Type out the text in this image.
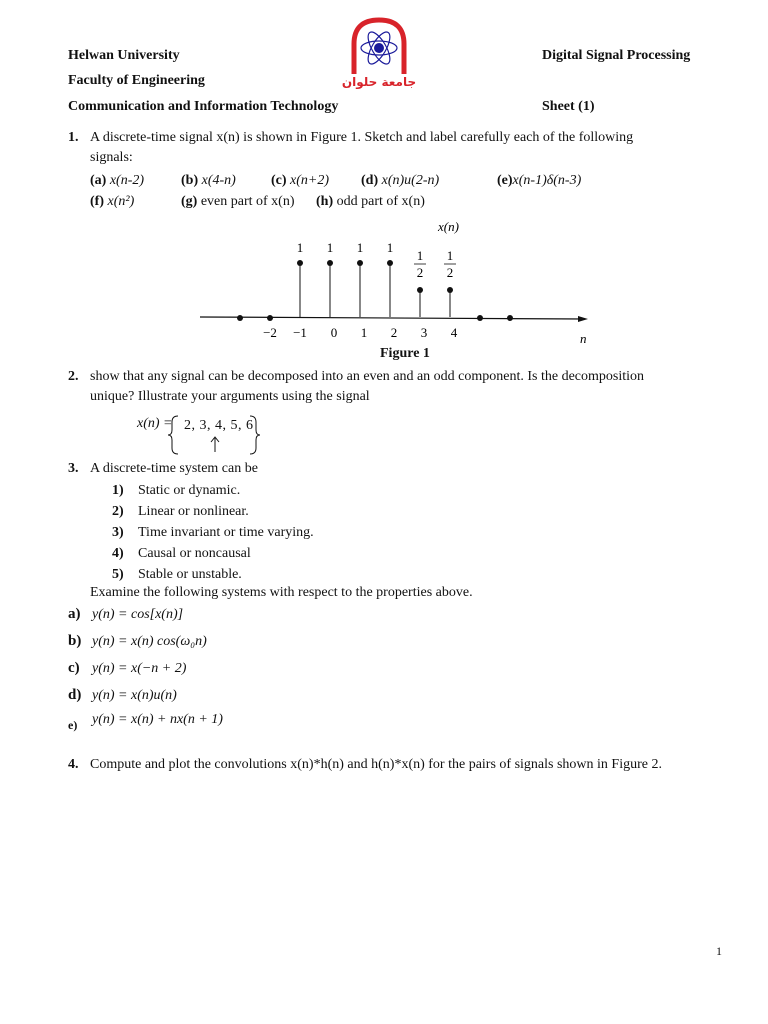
Helwan University
Faculty of Engineering
Communication and Information Technology
Digital Signal Processing
Sheet (1)
جامعة حلوان
1. A discrete-time signal x(n) is shown in Figure 1. Sketch and label carefully each of the following
signals:
(a) x(n-2)	(b) x(4-n)	(c) x(n+2) (d) x(n)u(2-n)	(e)x(n-1)δ(n-3)
(f) x(n²)	(g) even part of x(n) (h) odd part of x(n)
−2 −1 0 1 2 3 4
1 1 1 1
1
2
1
2
x(n)
n
Figure 1
2. show that any signal can be decomposed into an even and an odd component. Is the decomposition
unique? Illustrate your arguments using the signal
x(n) = 2, 3, 4, 5, 6
3. A discrete-time system can be
1)	Static or dynamic.
2)	Linear or nonlinear.
3)	Time invariant or time varying.
4)	Causal or noncausal
5)	Stable or unstable.
Examine the following systems with respect to the properties above.
a) y(n) = cos[x(n)]
b) y(n) = x(n) cos(ω₀n)
c) y(n) = x(−n + 2)
d) y(n) = x(n)u(n)
e)	y(n) = x(n) + nx(n + 1)
4. Compute and plot the convolutions x(n)*h(n) and h(n)*x(n) for the pairs of signals shown in Figure 2.
1
